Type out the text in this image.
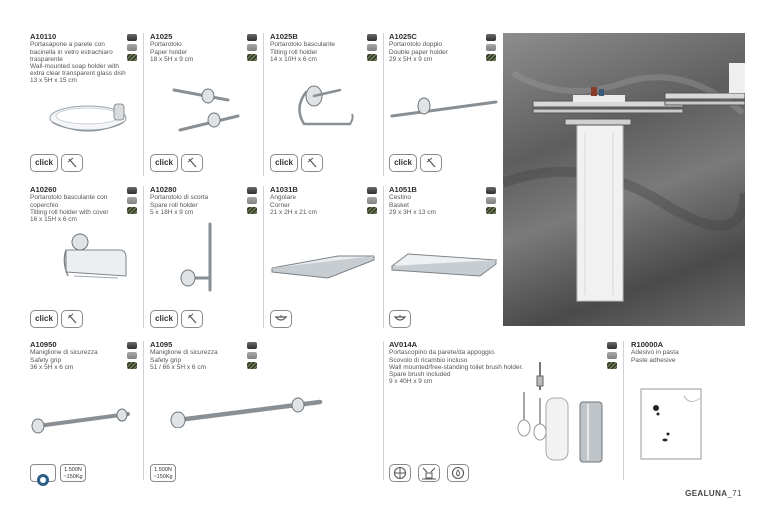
A10110
Portasapone a parete con
bacinella in vetro estrachiaro
trasparente
Wall-mounted soap holder with
extra clear transparent glass dish
13 x 5H x 15 cm
click
A1025
Portarotolo
Paper holder
18 x 5H x 9 cm
click
A1025B
Portarotolo basculante
Tilting roll holder
14 x 10H x 6 cm
click
A1025C
Portarotolo doppio
Double paper holder
29 x 5H x 9 cm
click
A10260
Portarotolo basculante con
coperchio
Tilting roll holder with cover
16 x 15H x 6 cm
click
A10280
Portarotolo di scorta
Spare roll holder
5 x 18H x 9 cm
click
A1031B
Angolare
Corner
21 x 2H x 21 cm
A1051B
Cestino
Basket
29 x 3H x 13 cm
A10950
Maniglione di sicurezza
Safety grip
36 x 5H x 6 cm

1.500N
~150Kg
A1095
Maniglione di sicurezza
Safety grip
51 / 66 x 5H x 6 cm
1.500N
~150Kg
AV014A
Portascopino da parete/da appoggio.
Scovolo di ricambio incluso
Wall mounted/free-standing toilet brush holder.
Spare brush included
9 x 40H x 9 cm
R10000A
Adesivo in pasta
Paste adhesive
GEALUNA_71
